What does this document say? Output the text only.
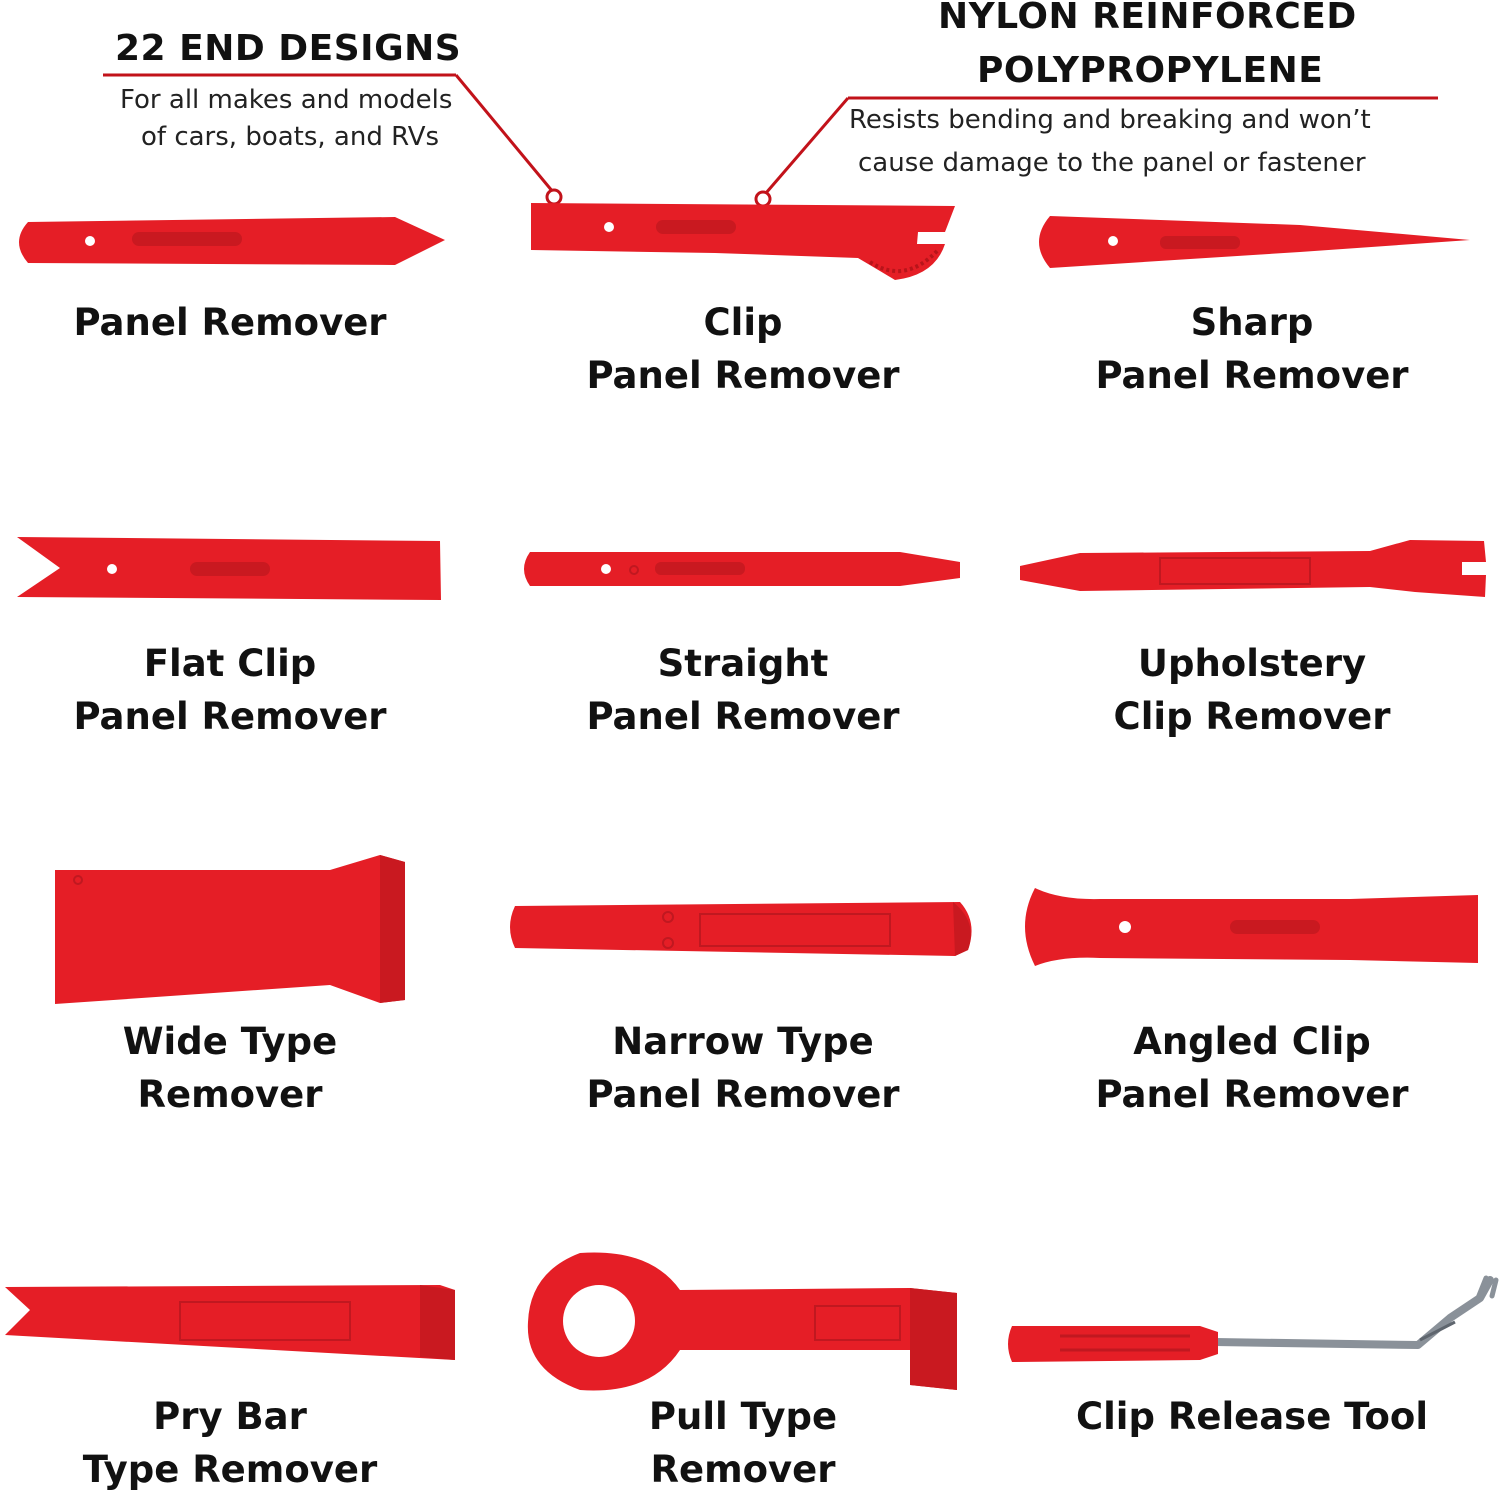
22 END DESIGNS
For all makes and models
of cars, boats, and RVs
NYLON REINFORCED
POLYPROPYLENE
Resists bending and breaking and won’t
cause damage to the panel or fastener
Panel Remover	Clip
Panel Remover
Sharp
Panel Remover
Flat Clip
Panel Remover
Straight
Panel Remover
Upholstery
Clip Remover
Wide Type
Remover
Narrow Type
Panel Remover
Angled Clip
Panel Remover
Pry Bar
Type Remover
Pull Type
Remover
Clip Release Tool
